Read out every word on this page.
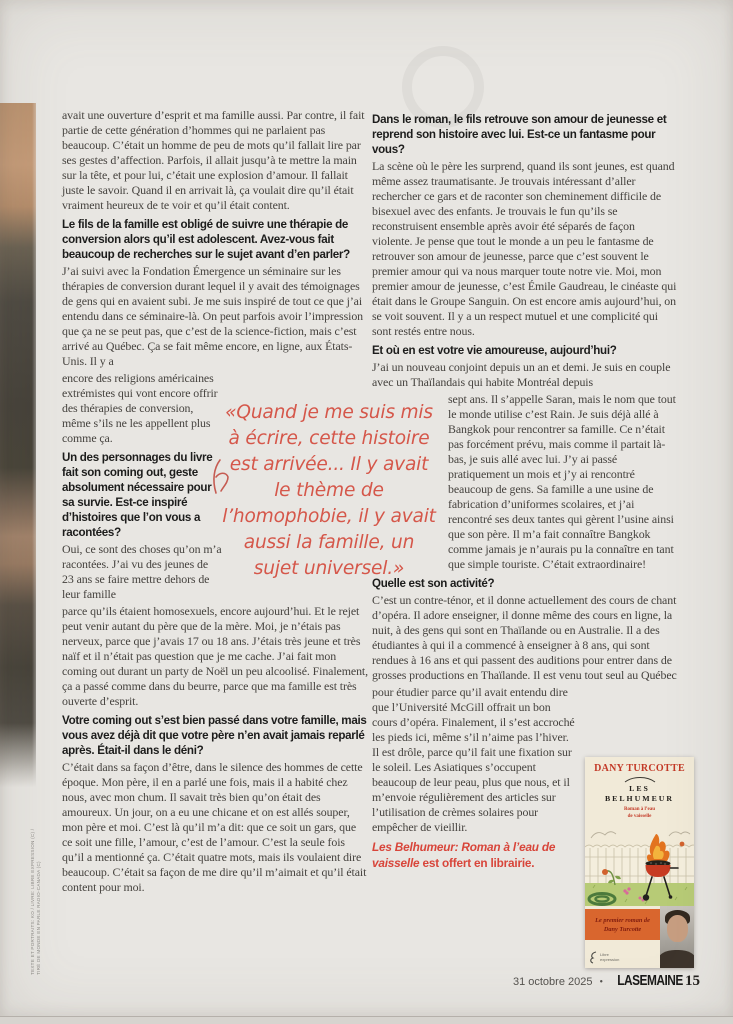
avait une ouverture d’esprit et ma famille aussi. Par contre, il fait partie de cette génération d’hommes qui ne parlaient pas beaucoup. C’était un homme de peu de mots qu’il fallait lire par ses gestes d’affection. Parfois, il allait jusqu’à te mettre la main sur la tête, et pour lui, c’était une explosion d’amour. Il fallait juste le savoir. Quand il en arrivait là, ça voulait dire qu’il était vraiment heureux de te voir et qu’il était content.

Le fils de la famille est obligé de suivre une thérapie de conversion alors qu’il est adolescent. Avez-vous fait beaucoup de recherches sur le sujet avant d’en parler?

J’ai suivi avec la Fondation Émergence un séminaire sur les thérapies de conversion durant lequel il y avait des témoignages de gens qui en avaient subi. Je me suis inspiré de tout ce que j’ai entendu dans ce séminaire-là. On peut parfois avoir l’impression que ça ne se peut pas, que c’est de la science-fiction, mais c’est arrivé au Québec. Ça se fait même encore, en ligne, aux États-Unis. Il y a

encore des religions américaines extrémistes qui vont encore offrir des thérapies de conversion, même s’ils ne les appellent plus comme ça.

Un des personnages du livre fait son coming out, geste absolument nécessaire pour sa survie. Est-ce inspiré d’histoires que l’on vous a racontées?

Oui, ce sont des choses qu’on m’a racontées. J’ai vu des jeunes de 23 ans se faire mettre dehors de leur famille

parce qu’ils étaient homosexuels, encore aujourd’hui. Et le rejet peut venir autant du père que de la mère. Moi, je n’étais pas nerveux, parce que j’avais 17 ou 18 ans. J’étais très jeune et très naïf et il n’était pas question que je me cache. J’ai fait mon coming out durant un party de Noël un peu alcoolisé. Finalement, ça a passé comme dans du beurre, parce que ma famille est très ouverte d’esprit.

Votre coming out s’est bien passé dans votre famille, mais vous avez déjà dit que votre père n’en avait jamais reparlé après. Était-il dans le déni?

C’était dans sa façon d’être, dans le silence des hommes de cette époque. Mon père, il en a parlé une fois, mais il a habité chez nous, avec mon chum. Il savait très bien qu’on était des amoureux. Un jour, on a eu une chicane et on est allés souper, mon père et moi. C’est là qu’il m’a dit: que ce soit un gars, que ce soit une fille, l’amour, c’est de l’amour. C’est la seule fois qu’il a mentionné ça. C’était quatre mots, mais ils voulaient dire beaucoup. C’était sa façon de me dire qu’il m’aimait et qu’il était content pour moi.

Dans le roman, le fils retrouve son amour de jeunesse et reprend son histoire avec lui. Est-ce un fantasme pour vous?

La scène où le père les surprend, quand ils sont jeunes, est quand même assez traumatisante. Je trouvais intéressant d’aller rechercher ce gars et de raconter son cheminement difficile de bisexuel avec des enfants. Je trouvais le fun qu’ils se reconstruisent ensemble après avoir été séparés de façon violente. Je pense que tout le monde a un peu le fantasme de retrouver son amour de jeunesse, parce que c’est souvent le premier amour qui va nous marquer toute notre vie. Moi, mon premier amour de jeunesse, c’est Émile Gaudreau, le cinéaste qui était dans le Groupe Sanguin. On est encore amis aujourd’hui, on se voit souvent. Il y a un respect mutuel et une complicité qui sont restés entre nous.

Et où en est votre vie amoureuse, aujourd’hui?

J’ai un nouveau conjoint depuis un an et demi. Je suis en couple avec un Thaïlandais qui habite Montréal depuis

sept ans. Il s’appelle Saran, mais le nom que tout le monde utilise c’est Rain. Je suis déjà allé à Bangkok pour rencontrer sa famille. Ce n’était pas forcément prévu, mais comme il partait là-bas, je suis allé avec lui. J’y ai passé pratiquement un mois et j’y ai rencontré beaucoup de gens. Sa famille a une usine de fabrication d’uniformes scolaires, et j’ai rencontré ses deux tantes qui gèrent l’usine ainsi que son père. Il m’a fait connaître Bangkok comme jamais je n’aurais pu la connaître en tant que simple touriste. C’était extraordinaire!

Quelle est son activité?

C’est un contre-ténor, et il donne actuellement des cours de chant d’opéra. Il adore enseigner, il donne même des cours en ligne, la nuit, à des gens qui sont en Thaïlande ou en Australie. Il a des étudiantes à qui il a commencé à enseigner à 8 ans, qui sont rendues à 16 ans et qui passent des auditions pour entrer dans de grosses productions en Thaïlande. Il est venu tout seul au Québec

pour étudier parce qu’il avait entendu dire que l’Université McGill offrait un bon cours d’opéra. Finalement, il s’est accroché les pieds ici, même s’il n’aime pas l’hiver. Il est drôle, parce qu’il fait une fixation sur le soleil. Les Asiatiques s’occupent beaucoup de leur peau, plus que nous, et il m’envoie régulièrement des articles sur l’utilisation de crèmes solaires pour empêcher de vieillir.

Les Belhumeur: Roman à l’eau de vaisselle est offert en librairie.

«Quand je me suis mis à écrire, cette histoire est arrivée... Il y avait le thème de l’homophobie, il y avait aussi la famille, un sujet universel.»
DANY TURCOTTE
LES
BELHUMEUR
Roman à l’eau
de vaisselle
Le premier roman de
Dany Turcotte
Libre
expression
TEXTE ET PORTRAITS: KO / LIVRE: LIBRE EXPRESSION (C) / TIRÉ DE MONDE EN PARLE RADIO-CANADA (C)
31 octobre 2025 • LASEMAINE 15
